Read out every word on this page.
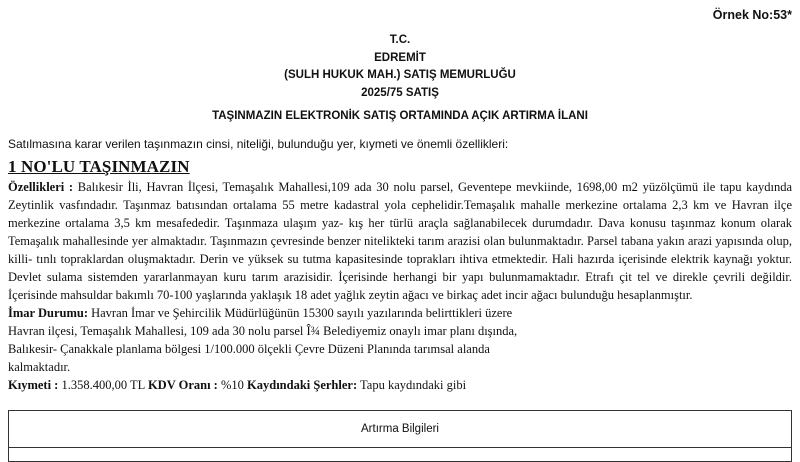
Örnek No:53*
T.C.
EDREMİT
(SULH HUKUK MAH.) SATIŞ MEMURLUĞU
2025/75 SATIŞ
TAŞINMAZIN ELEKTRONİK SATIŞ ORTAMINDA AÇIK ARTIRMA İLANI
Satılmasına karar verilen taşınmazın cinsi, niteliği, bulunduğu yer, kıymeti ve önemli özellikleri:
1 NO'LU TAŞINMAZIN
Özellikleri : Balıkesir İli, Havran İlçesi, Temaşalık Mahallesi,109 ada 30 nolu parsel, Geventepe mevkiinde, 1698,00 m2 yüzölçümü ile tapu kaydında Zeytinlik vasfındadır. Taşınmaz batısından ortalama 55 metre kadastral yola cephelidir.Temaşalık mahalle merkezine ortalama 2,3 km ve Havran ilçe merkezine ortalama 3,5 km mesafededir. Taşınmaza ulaşım yaz- kış her türlü araçla sağlanabilecek durumdadır. Dava konusu taşınmaz konum olarak Temaşalık mahallesinde yer almaktadır. Taşınmazın çevresinde benzer nitelikteki tarım arazisi olan bulunmaktadır. Parsel tabana yakın arazi yapısında olup, killi- tınlı topraklardan oluşmaktadır. Derin ve yüksek su tutma kapasitesinde toprakları ihtiva etmektedir. Hali hazırda içerisinde elektrik kaynağı yoktur. Devlet sulama sistemden yararlanmayan kuru tarım arazisidir. İçerisinde herhangi bir yapı bulunmamaktadır. Etrafı çit tel ve direkle çevrili değildir. İçerisinde mahsuldar bakımlı 70-100 yaşlarında yaklaşık 18 adet yağlık zeytin ağacı ve birkaç adet incir ağacı bulunduğu hesaplanmıştır.
İmar Durumu: Havran İmar ve Şehircilik Müdürlüğünün 15300 sayılı yazılarında belirttikleri üzere
Havran ilçesi, Temaşalık Mahallesi, 109 ada 30 nolu parsel Î¾ Belediyemiz onaylı imar planı dışında,
Balıkesir- Çanakkale planlama bölgesi 1/100.000 ölçekli Çevre Düzeni Planında tarımsal alanda
kalmaktadır.
Kıymeti : 1.358.400,00 TL KDV Oranı : %10 Kaydındaki Şerhler: Tapu kaydındaki gibi
Artırma Bilgileri
